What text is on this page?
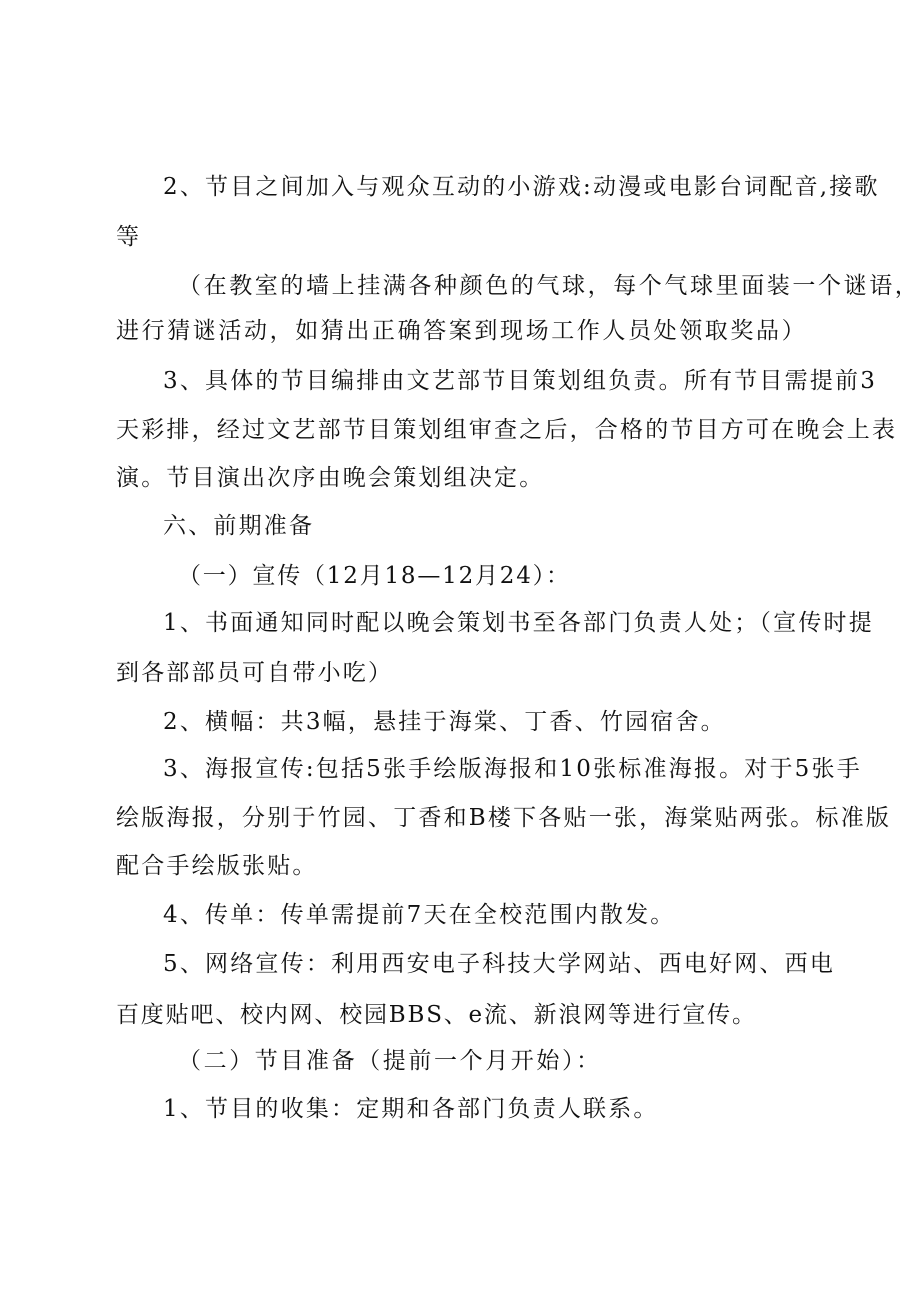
2、节目之间加入与观众互动的小游戏:动漫或电影台词配音,接歌
等
（在教室的墙上挂满各种颜色的气球，每个气球里面装一个谜语，
进行猜谜活动，如猜出正确答案到现场工作人员处领取奖品）
3、具体的节目编排由文艺部节目策划组负责。所有节目需提前3
天彩排，经过文艺部节目策划组审查之后，合格的节目方可在晚会上表
演。节目演出次序由晚会策划组决定。
六、前期准备
（一）宣传（12月18—12月24）：
1、书面通知同时配以晚会策划书至各部门负责人处；（宣传时提
到各部部员可自带小吃）
2、横幅：共3幅，悬挂于海棠、丁香、竹园宿舍。
3、海报宣传:包括5张手绘版海报和10张标准海报。对于5张手
绘版海报，分别于竹园、丁香和B楼下各贴一张，海棠贴两张。标准版
配合手绘版张贴。
4、传单：传单需提前7天在全校范围内散发。
5、网络宣传：利用西安电子科技大学网站、西电好网、西电
百度贴吧、校内网、校园BBS、e流、新浪网等进行宣传。
（二）节目准备（提前一个月开始）：
1、节目的收集：定期和各部门负责人联系。
